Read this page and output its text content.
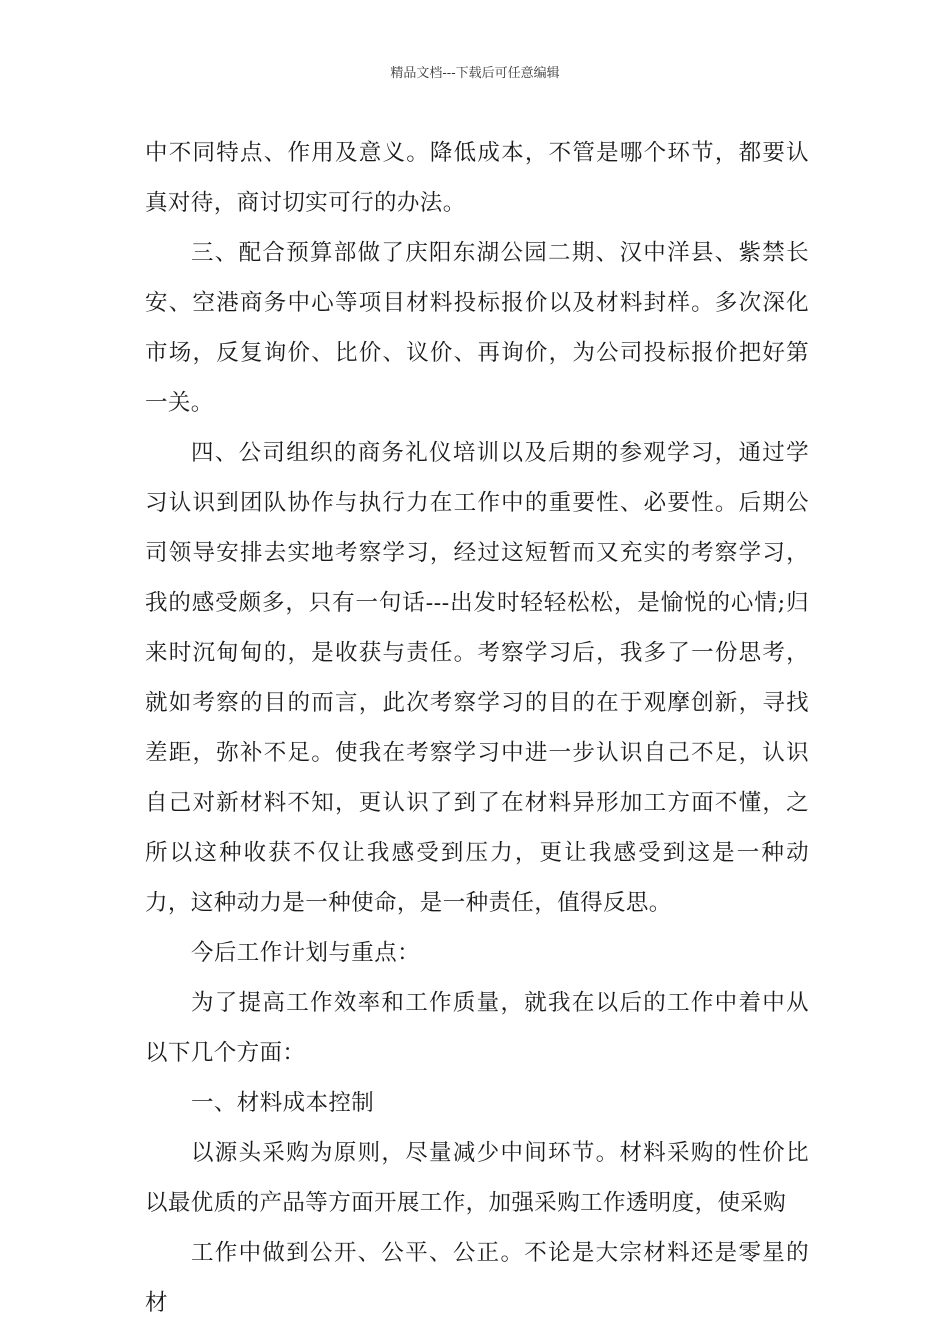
精品文档---下载后可任意编辑

中不同特点、作用及意义。降低成本，不管是哪个环节，都要认真对待，商讨切实可行的办法。

三、配合预算部做了庆阳东湖公园二期、汉中洋县、紫禁长安、空港商务中心等项目材料投标报价以及材料封样。多次深化市场，反复询价、比价、议价、再询价，为公司投标报价把好第一关。

四、公司组织的商务礼仪培训以及后期的参观学习，通过学习认识到团队协作与执行力在工作中的重要性、必要性。后期公司领导安排去实地考察学习，经过这短暂而又充实的考察学习，我的感受颇多，只有一句话---出发时轻轻松松，是愉悦的心情;归来时沉甸甸的，是收获与责任。考察学习后，我多了一份思考，就如考察的目的而言，此次考察学习的目的在于观摩创新，寻找差距，弥补不足。使我在考察学习中进一步认识自己不足，认识自己对新材料不知，更认识了到了在材料异形加工方面不懂，之所以这种收获不仅让我感受到压力，更让我感受到这是一种动力，这种动力是一种使命，是一种责任，值得反思。

今后工作计划与重点：

为了提高工作效率和工作质量，就我在以后的工作中着中从以下几个方面：

一、材料成本控制

以源头采购为原则，尽量减少中间环节。材料采购的性价比以最优质的产品等方面开展工作，加强采购工作透明度，使采购

工作中做到公开、公平、公正。不论是大宗材料还是零星的材
